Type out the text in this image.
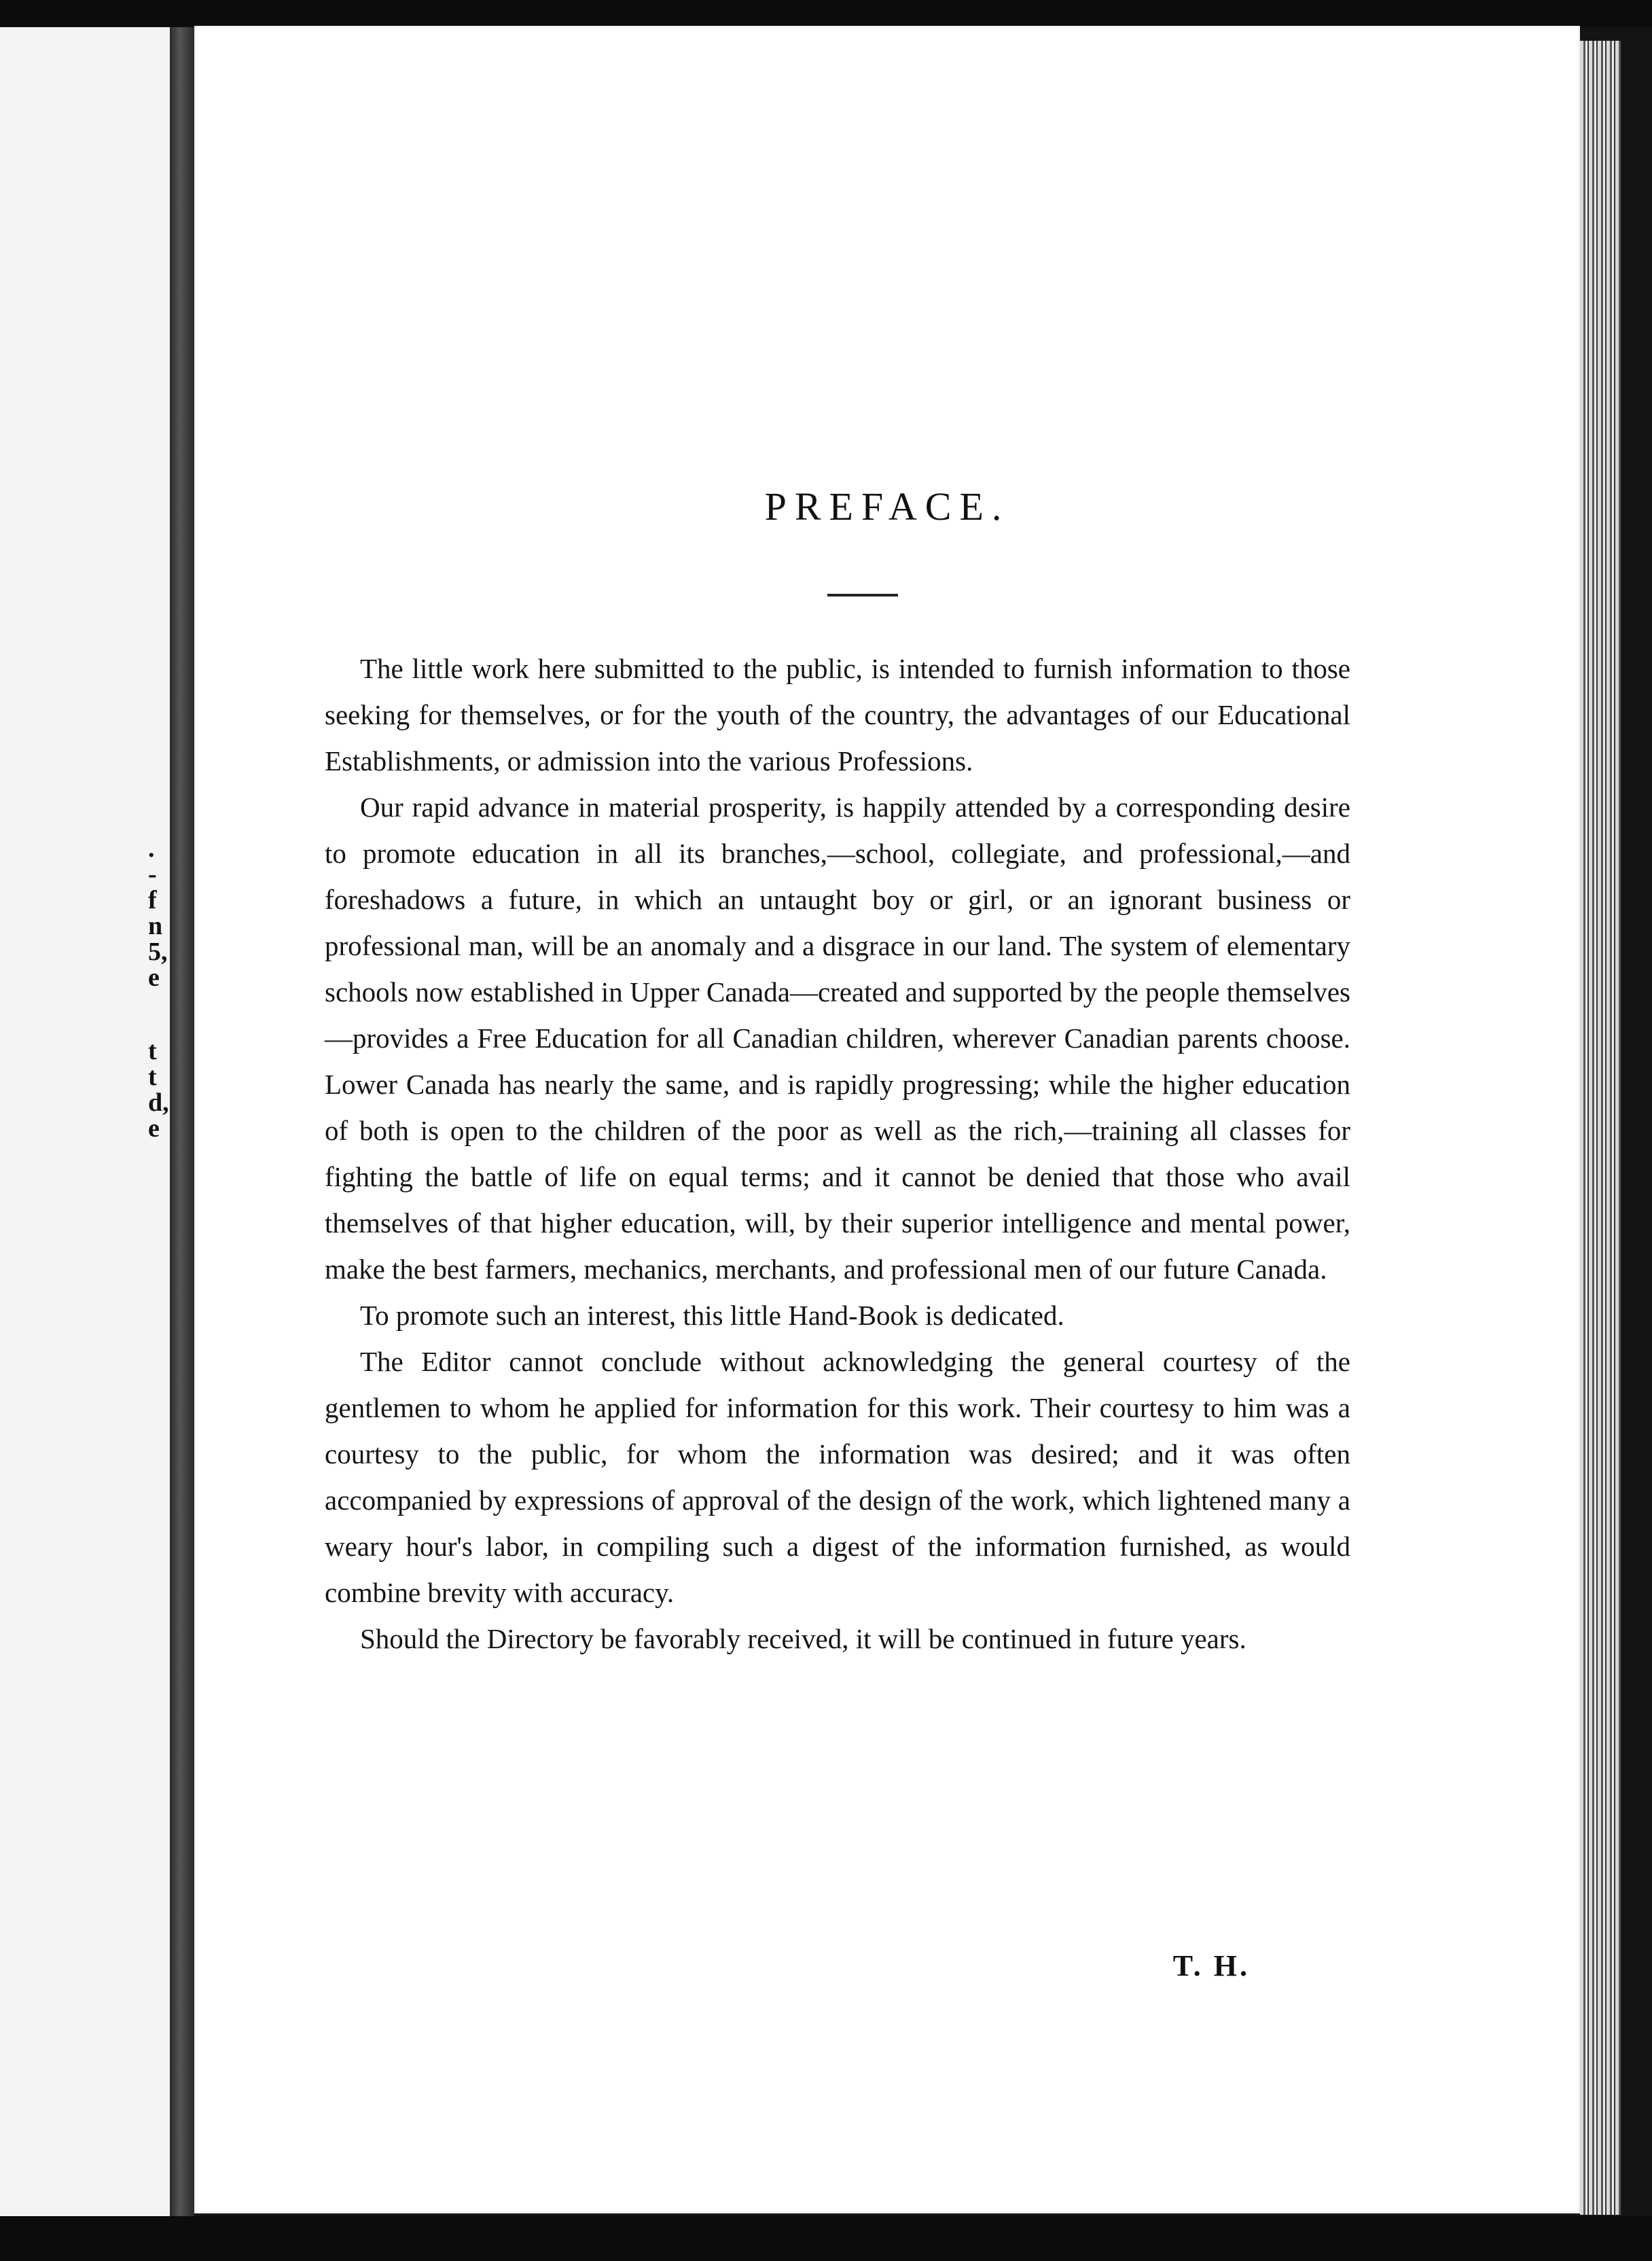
.
-
f
n
5,
e
t
t
d,
e
PREFACE.

The little work here submitted to the public, is intended to furnish information to those seeking for themselves, or for the youth of the country, the advantages of our Educational Establishments, or admission into the various Professions.

Our rapid advance in material prosperity, is happily attended by a corresponding desire to promote education in all its branches,—school, collegiate, and professional,—and foreshadows a future, in which an untaught boy or girl, or an ignorant business or professional man, will be an anomaly and a disgrace in our land. The system of elementary schools now established in Upper Canada—created and supported by the people themselves—provides a Free Education for all Canadian children, wherever Canadian parents choose. Lower Canada has nearly the same, and is rapidly progressing; while the higher education of both is open to the children of the poor as well as the rich,—training all classes for fighting the battle of life on equal terms; and it cannot be denied that those who avail themselves of that higher education, will, by their superior intelligence and mental power, make the best farmers, mechanics, merchants, and professional men of our future Canada.

To promote such an interest, this little Hand-Book is dedicated.

The Editor cannot conclude without acknowledging the general courtesy of the gentlemen to whom he applied for information for this work. Their courtesy to him was a courtesy to the public, for whom the information was desired; and it was often accompanied by expressions of approval of the design of the work, which lightened many a weary hour's labor, in compiling such a digest of the information furnished, as would combine brevity with accuracy.

Should the Directory be favorably received, it will be continued in future years.

T. H.
